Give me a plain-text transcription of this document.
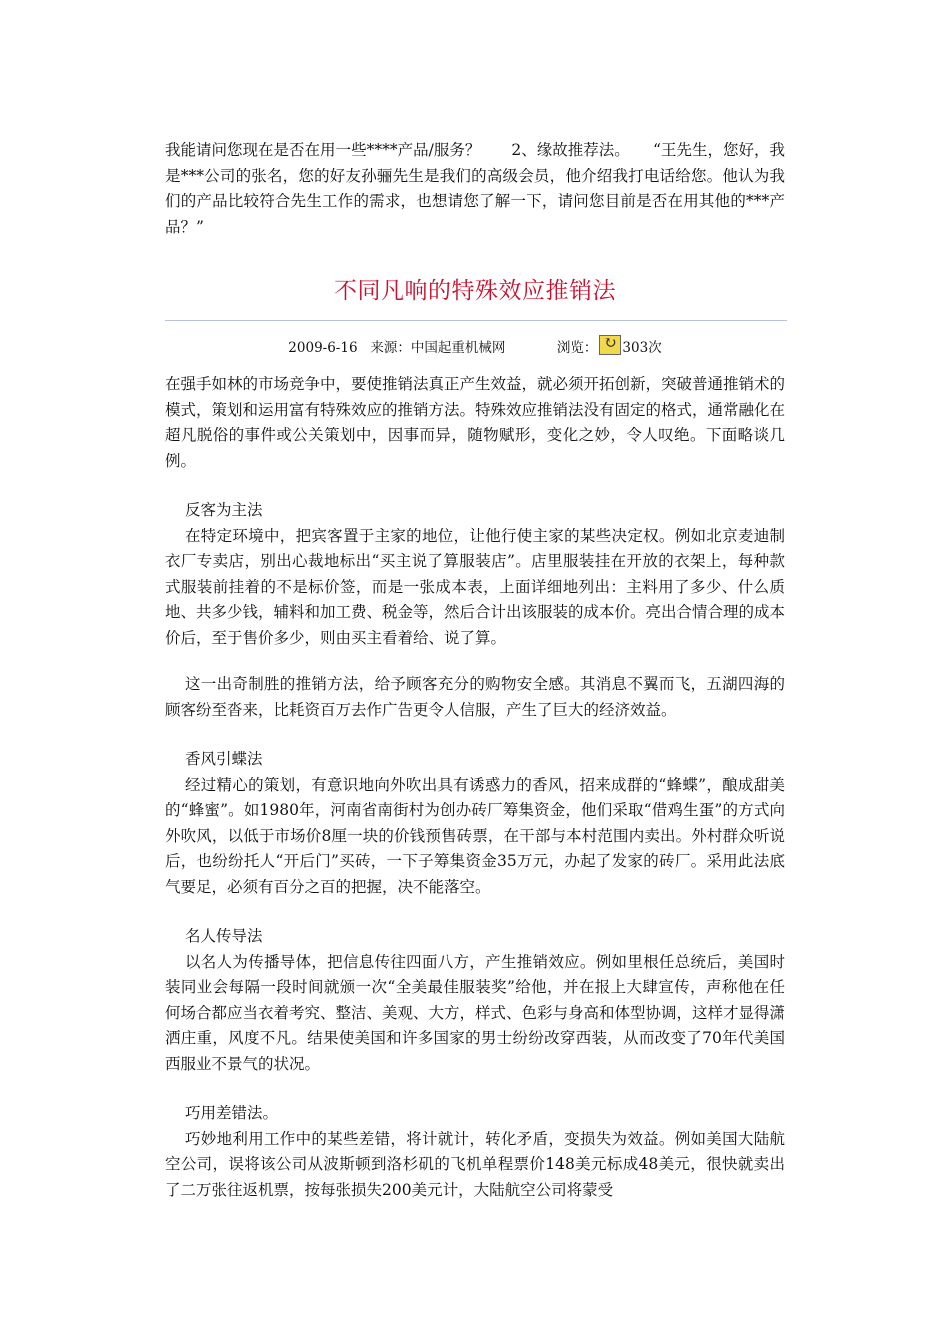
我能请问您现在是否在用一些****产品/服务？　　2、缘故推荐法。　　“王先生，您好，我是***公司的张名，您的好友孙骊先生是我们的高级会员，他介绍我打电话给您。他认为我们的产品比较符合先生工作的需求，也想请您了解一下，请问您目前是否在用其他的***产品？”

不同凡响的特殊效应推销法
2009-6-16 来源：中国起重机械网	浏览： ↻ 303次

在强手如林的市场竞争中，要使推销法真正产生效益，就必须开拓创新，突破普通推销术的模式，策划和运用富有特殊效应的推销方法。特殊效应推销法没有固定的格式，通常融化在超凡脱俗的事件或公关策划中，因事而异，随物赋形，变化之妙，令人叹绝。下面略谈几例。

反客为主法

在特定环境中，把宾客置于主家的地位，让他行使主家的某些决定权。例如北京麦迪制衣厂专卖店，别出心裁地标出“买主说了算服装店”。店里服装挂在开放的衣架上，每种款式服装前挂着的不是标价签，而是一张成本表，上面详细地列出：主料用了多少、什么质地、共多少钱，辅料和加工费、税金等，然后合计出该服装的成本价。亮出合情合理的成本价后，至于售价多少，则由买主看着给、说了算。

这一出奇制胜的推销方法，给予顾客充分的购物安全感。其消息不翼而飞，五湖四海的顾客纷至沓来，比耗资百万去作广告更令人信服，产生了巨大的经济效益。

香风引蝶法

经过精心的策划，有意识地向外吹出具有诱惑力的香风，招来成群的“蜂蝶”，酿成甜美的“蜂蜜”。如1980年，河南省南街村为创办砖厂筹集资金，他们采取“借鸡生蛋”的方式向外吹风，以低于市场价8厘一块的价钱预售砖票，在干部与本村范围内卖出。外村群众听说后，也纷纷托人“开后门”买砖，一下子筹集资金35万元，办起了发家的砖厂。采用此法底气要足，必须有百分之百的把握，决不能落空。

名人传导法

以名人为传播导体，把信息传往四面八方，产生推销效应。例如里根任总统后，美国时装同业会每隔一段时间就颁一次“全美最佳服装奖”给他，并在报上大肆宣传，声称他在任何场合都应当衣着考究、整洁、美观、大方，样式、色彩与身高和体型协调，这样才显得潇洒庄重，风度不凡。结果使美国和许多国家的男士纷纷改穿西装，从而改变了70年代美国西服业不景气的状况。

巧用差错法。

巧妙地利用工作中的某些差错，将计就计，转化矛盾，变损失为效益。例如美国大陆航空公司，误将该公司从波斯顿到洛杉矶的飞机单程票价148美元标成48美元，很快就卖出了二万张往返机票，按每张损失200美元计，大陆航空公司将蒙受
